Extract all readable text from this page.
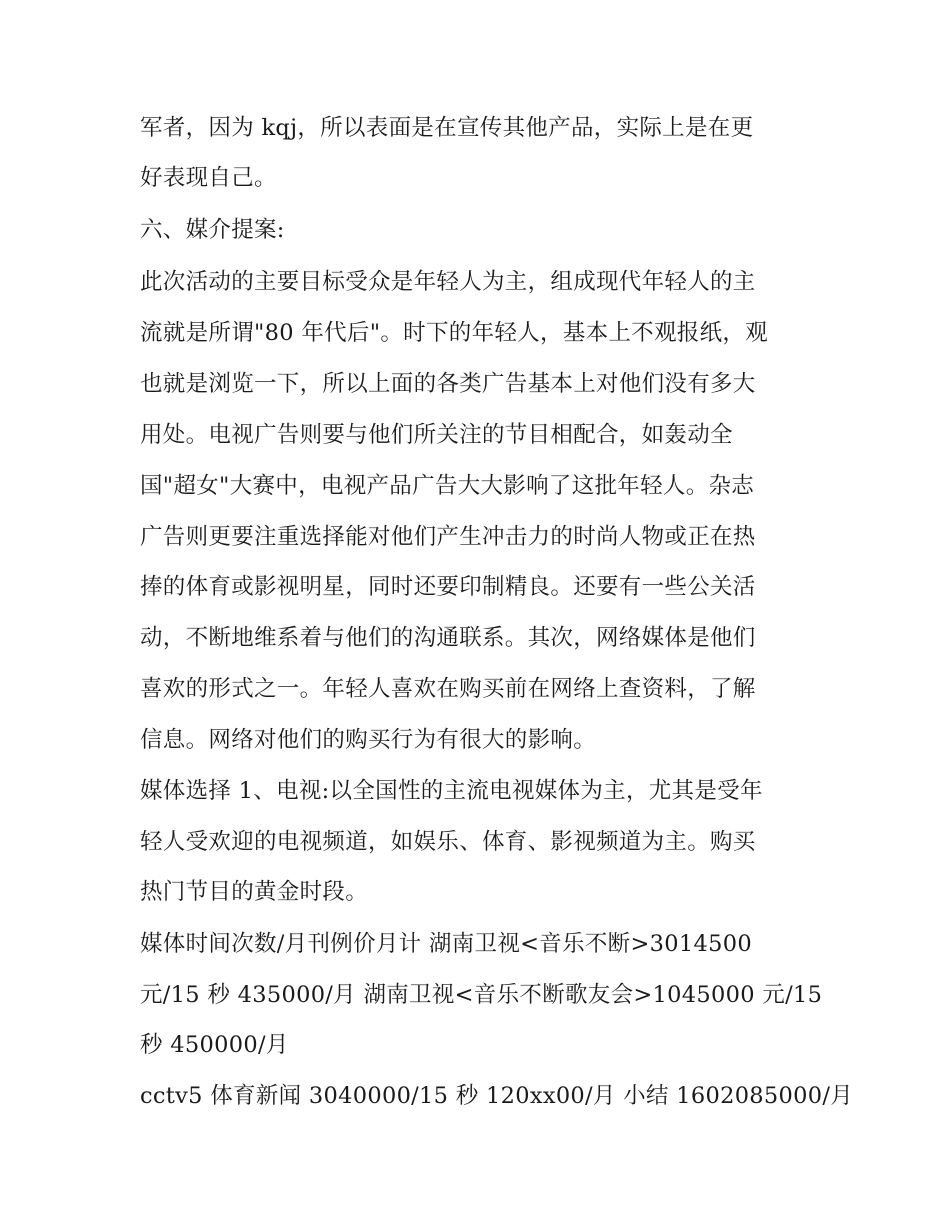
军者，因为 kqj，所以表面是在宣传其他产品，实际上是在更
好表现自己。
六、媒介提案:
此次活动的主要目标受众是年轻人为主，组成现代年轻人的主
流就是所谓"80 年代后"。时下的年轻人，基本上不观报纸，观
也就是浏览一下，所以上面的各类广告基本上对他们没有多大
用处。电视广告则要与他们所关注的节目相配合，如轰动全
国"超女"大赛中，电视产品广告大大影响了这批年轻人。杂志
广告则更要注重选择能对他们产生冲击力的时尚人物或正在热
捧的体育或影视明星，同时还要印制精良。还要有一些公关活
动，不断地维系着与他们的沟通联系。其次，网络媒体是他们
喜欢的形式之一。年轻人喜欢在购买前在网络上查资料，了解
信息。网络对他们的购买行为有很大的影响。
媒体选择 1、电视:以全国性的主流电视媒体为主，尤其是受年
轻人受欢迎的电视频道，如娱乐、体育、影视频道为主。购买
热门节目的黄金时段。
媒体时间次数/月刊例价月计 湖南卫视<音乐不断>3014500
元/15 秒 435000/月 湖南卫视<音乐不断歌友会>1045000 元/15
秒 450000/月
cctv5 体育新闻 3040000/15 秒 120xx00/月 小结 1602085000/月
